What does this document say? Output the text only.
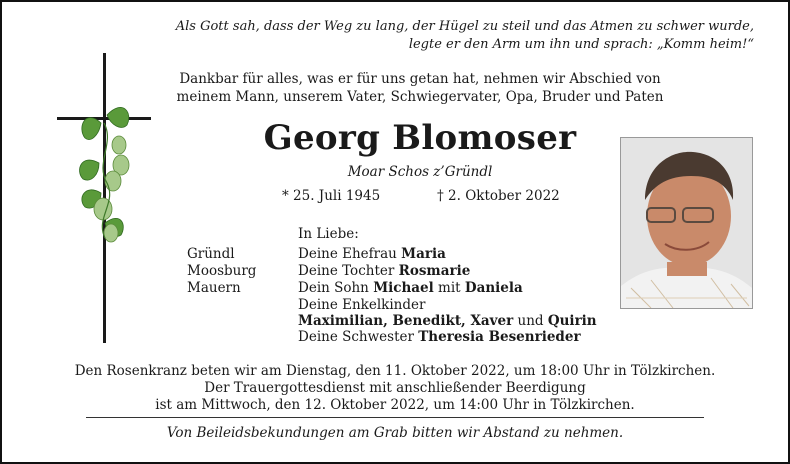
Als Gott sah, dass der Weg zu lang, der Hügel zu steil und das Atmen zu schwer wurde,
legte er den Arm um ihn und sprach: „Komm heim!“
Dankbar für alles, was er für uns getan hat, nehmen wir Abschied von
meinem Mann, unserem Vater, Schwiegervater, Opa, Bruder und Paten
Georg Blomoser
Moar Schos z’Gründl
* 25. Juli 1945	† 2. Oktober 2022
In Liebe:
Gründl
Moosburg
Mauern
Deine Ehefrau Maria
Deine Tochter Rosmarie
Dein Sohn Michael mit Daniela
Deine Enkelkinder
Maximilian, Benedikt, Xaver und Quirin
Deine Schwester Theresia Besenrieder
Den Rosenkranz beten wir am Dienstag, den 11. Oktober 2022, um 18:00 Uhr in Tölzkirchen.
Der Trauergottesdienst mit anschließender Beerdigung
ist am Mittwoch, den 12. Oktober 2022, um 14:00 Uhr in Tölzkirchen.
Von Beileidsbekundungen am Grab bitten wir Abstand zu nehmen.
